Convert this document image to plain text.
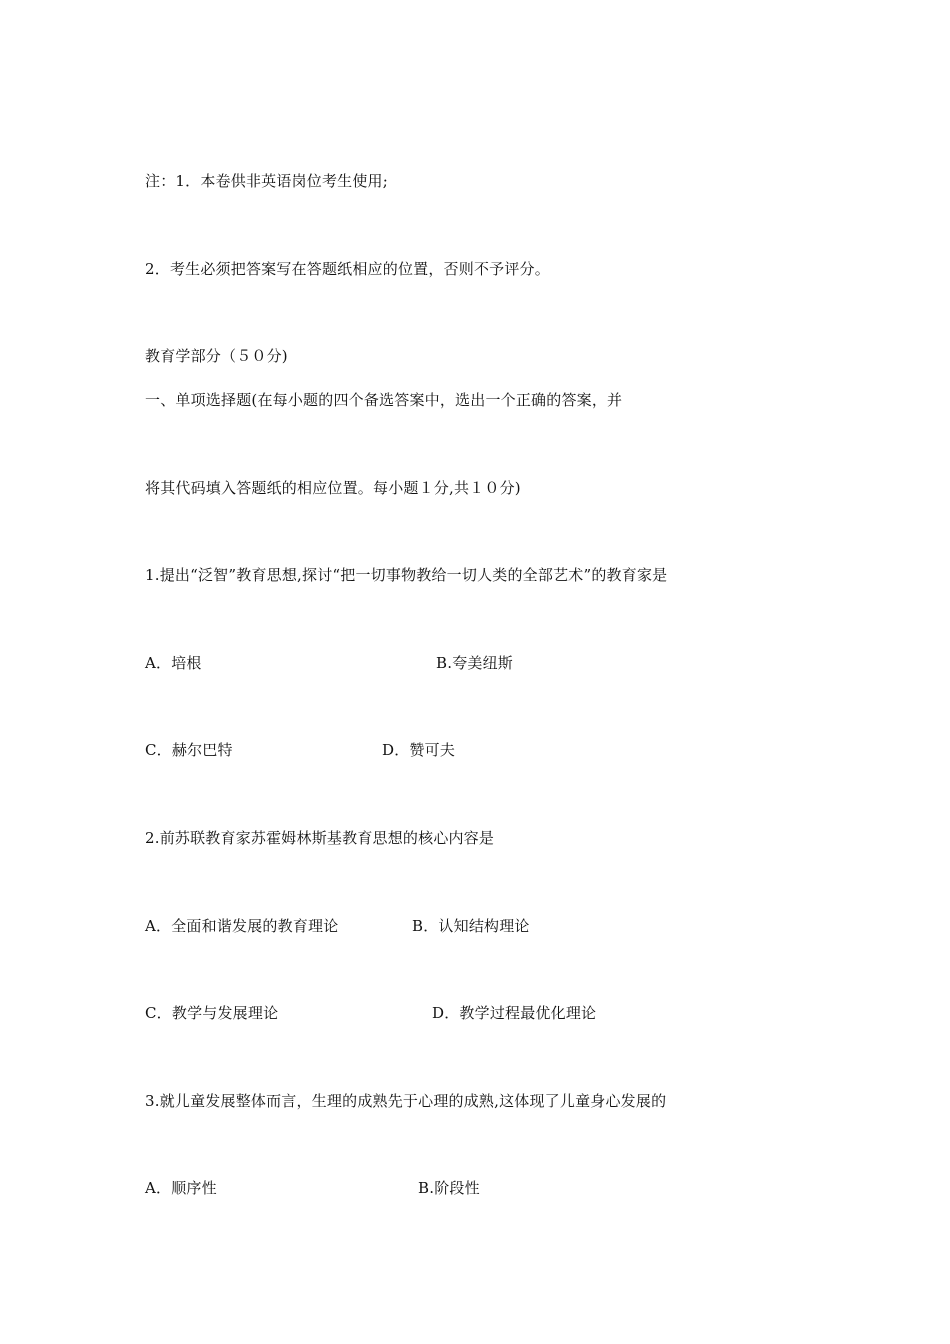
注：1．本卷供非英语岗位考生使用;
2．考生必须把答案写在答题纸相应的位置，否则不予评分。
教育学部分（５０分)
一、单项选择题(在每小题的四个备选答案中，选出一个正确的答案，并
将其代码填入答题纸的相应位置。每小题１分,共１０分)
1.提出“泛智”教育思想,探讨“把一切事物教给一切人类的全部艺术”的教育家是
A．培根	B.夸美纽斯
C．赫尔巴特	D．赞可夫
2.前苏联教育家苏霍姆林斯基教育思想的核心内容是
A．全面和谐发展的教育理论	B．认知结构理论
C．教学与发展理论	D．教学过程最优化理论
3.就儿童发展整体而言，生理的成熟先于心理的成熟,这体现了儿童身心发展的
A．顺序性	B.阶段性
